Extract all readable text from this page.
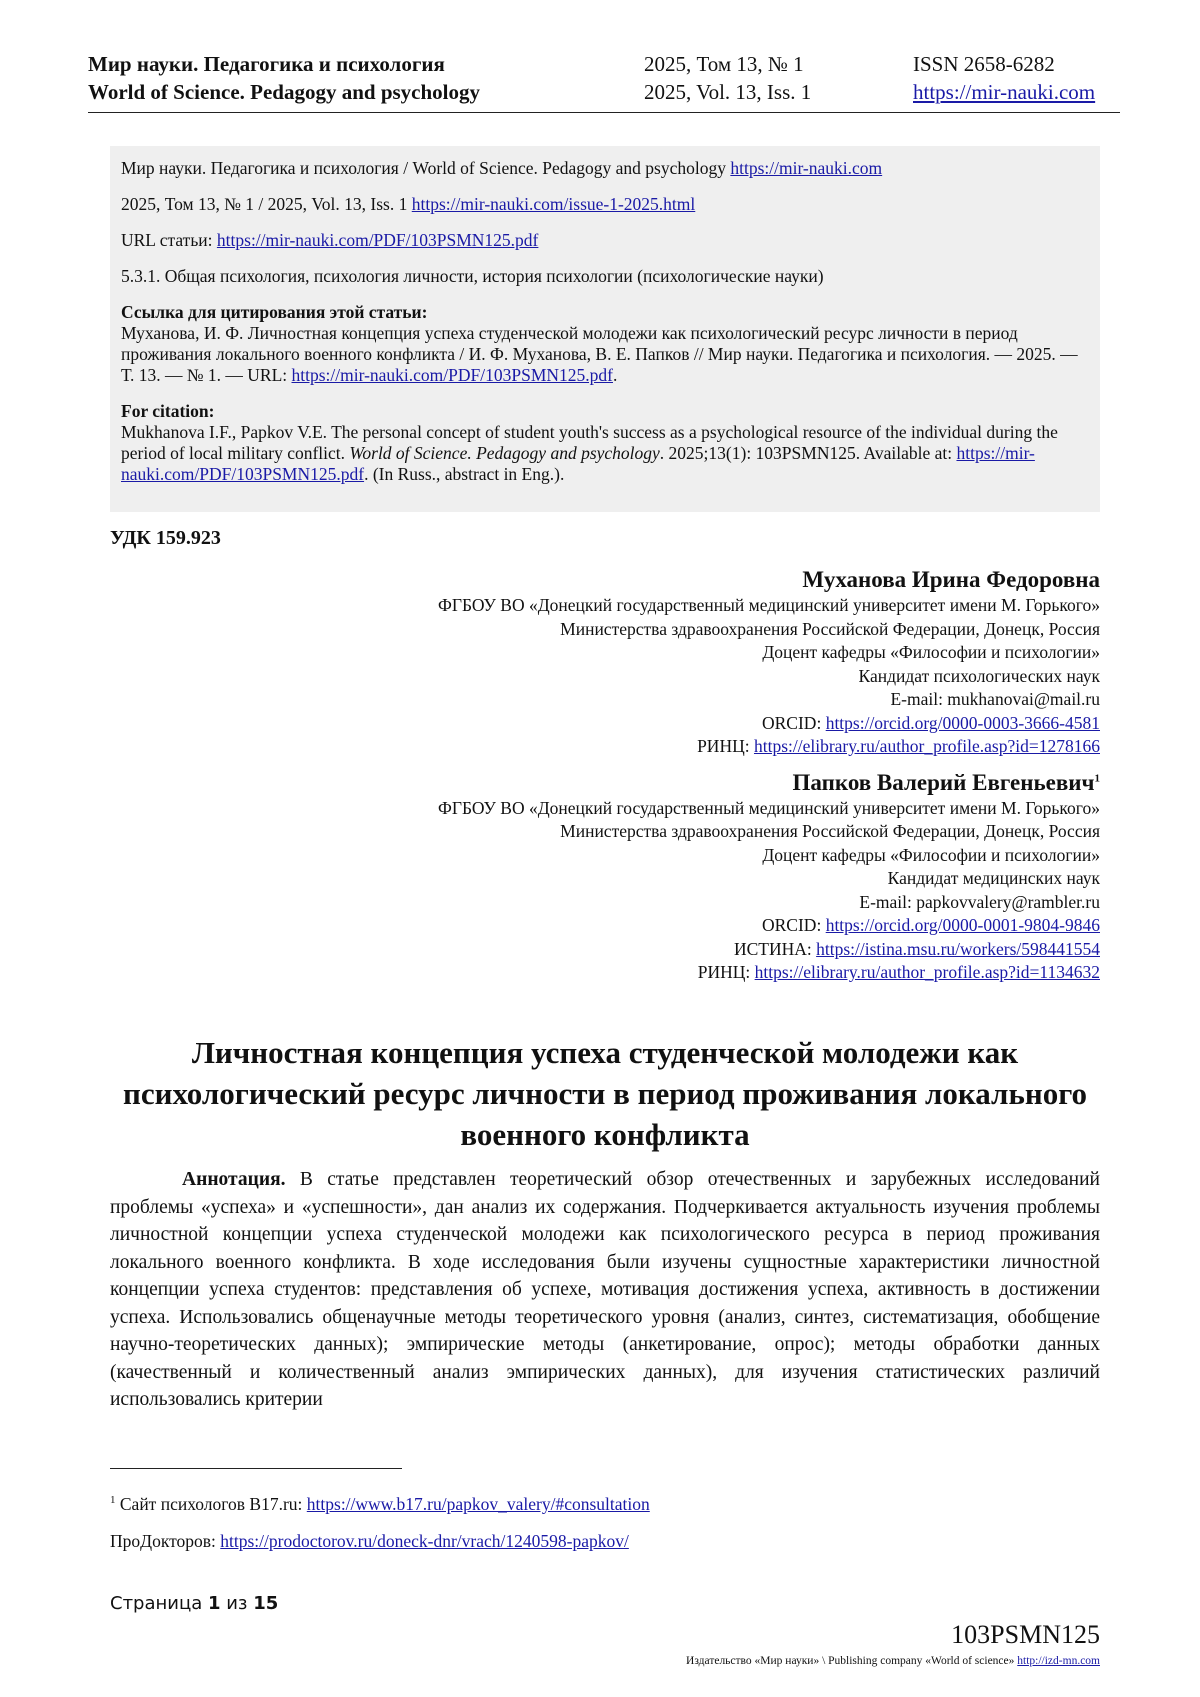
Мир науки. Педагогика и психология
World of Science. Pedagogy and psychology
2025, Том 13, № 1
2025, Vol. 13, Iss. 1
ISSN 2658-6282
https://mir-nauki.com

Мир науки. Педагогика и психология / World of Science. Pedagogy and psychology https://mir-nauki.com

2025, Том 13, № 1 / 2025, Vol. 13, Iss. 1 https://mir-nauki.com/issue-1-2025.html

URL статьи: https://mir-nauki.com/PDF/103PSMN125.pdf

5.3.1. Общая психология, психология личности, история психологии (психологические науки)

Ссылка для цитирования этой статьи:

Муханова, И. Ф. Личностная концепция успеха студенческой молодежи как психологический ресурс личности в период проживания локального военного конфликта / И. Ф. Муханова, В. Е. Папков // Мир науки. Педагогика и психология. — 2025. — Т. 13. — № 1. — URL: https://mir-nauki.com/PDF/103PSMN125.pdf.

For citation:

Mukhanova I.F., Papkov V.E. The personal concept of student youth's success as a psychological resource of the individual during the period of local military conflict. World of Science. Pedagogy and psychology. 2025;13(1): 103PSMN125. Available at: https://mir-nauki.com/PDF/103PSMN125.pdf. (In Russ., abstract in Eng.).

УДК 159.923
Муханова Ирина Федоровна
ФГБОУ ВО «Донецкий государственный медицинский университет имени М. Горького»
Министерства здравоохранения Российской Федерации, Донецк, Россия
Доцент кафедры «Философии и психологии»
Кандидат психологических наук
E-mail: mukhanovai@mail.ru
ORCID: https://orcid.org/0000-0003-3666-4581
РИНЦ: https://elibrary.ru/author_profile.asp?id=1278166
Папков Валерий Евгеньевич$^1$
ФГБОУ ВО «Донецкий государственный медицинский университет имени М. Горького»
Министерства здравоохранения Российской Федерации, Донецк, Россия
Доцент кафедры «Философии и психологии»
Кандидат медицинских наук
E-mail: papkovvalery@rambler.ru
ORCID: https://orcid.org/0000-0001-9804-9846
ИСТИНА: https://istina.msu.ru/workers/598441554
РИНЦ: https://elibrary.ru/author_profile.asp?id=1134632
Личностная концепция успеха студенческой молодежи как психологический ресурс личности в период проживания локального военного конфликта
Аннотация. В статье представлен теоретический обзор отечественных и зарубежных исследований проблемы «успеха» и «успешности», дан анализ их содержания. Подчеркивается актуальность изучения проблемы личностной концепции успеха студенческой молодежи как психологического ресурса в период проживания локального военного конфликта. В ходе исследования были изучены сущностные характеристики личностной концепции успеха студентов: представления об успехе, мотивация достижения успеха, активность в достижении успеха. Использовались общенаучные методы теоретического уровня (анализ, синтез, систематизация, обобщение научно-теоретических данных); эмпирические методы (анкетирование, опрос); методы обработки данных (качественный и количественный анализ эмпирических данных), для изучения статистических различий использовались критерии
$^1$ Сайт психологов B17.ru: https://www.b17.ru/papkov_valery/#consultation
ПроДокторов: https://prodoctorov.ru/doneck-dnr/vrach/1240598-papkov/
Страница 1 из 15
103PSMN125
Издательство «Мир науки» \ Publishing company «World of science» http://izd-mn.com
